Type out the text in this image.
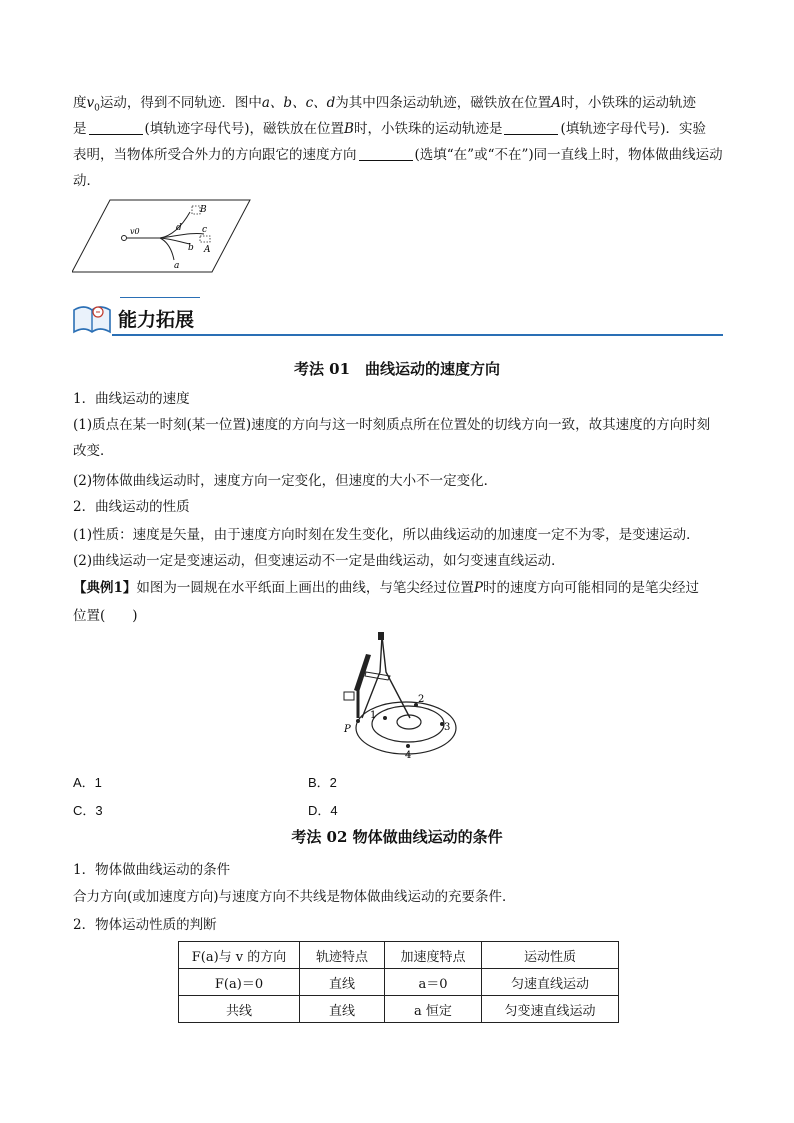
度$v_0$运动，得到不同轨迹．图中a、b、c、d为其中四条运动轨迹，磁铁放在位置A时，小铁珠的运动轨迹
是	(填轨迹字母代号)，磁铁放在位置B时，小铁珠的运动轨迹是	(填轨迹字母代号)．实验
表明，当物体所受合外力的方向跟它的速度方向	(选填“在”或“不在”)同一直线上时，物体做曲线运动
动．
v0
B
c
d
b A
a
能力拓展
考法 01　曲线运动的速度方向
1．曲线运动的速度
(1)质点在某一时刻(某一位置)速度的方向与这一时刻质点所在位置处的切线方向一致，故其速度的方向时刻
改变．
(2)物体做曲线运动时，速度方向一定变化，但速度的大小不一定变化．
2．曲线运动的性质
(1)性质：速度是矢量，由于速度方向时刻在发生变化，所以曲线运动的加速度一定不为零，是变速运动．
(2)曲线运动一定是变速运动，但变速运动不一定是曲线运动，如匀变速直线运动．
【典例1】如图为一圆规在水平纸面上画出的曲线，与笔尖经过位置P时的速度方向可能相同的是笔尖经过
位置(　　)
P
1
2
3
4
A．1	B．2
C．3	D．4
考法 02 物体做曲线运动的条件
1．物体做曲线运动的条件
合力方向(或加速度方向)与速度方向不共线是物体做曲线运动的充要条件．
2．物体运动性质的判断
F(a)与 v 的方向	轨迹特点	加速度特点	运动性质
F(a)＝0	直线	a＝0	匀速直线运动
共线	直线	a 恒定	匀变速直线运动
